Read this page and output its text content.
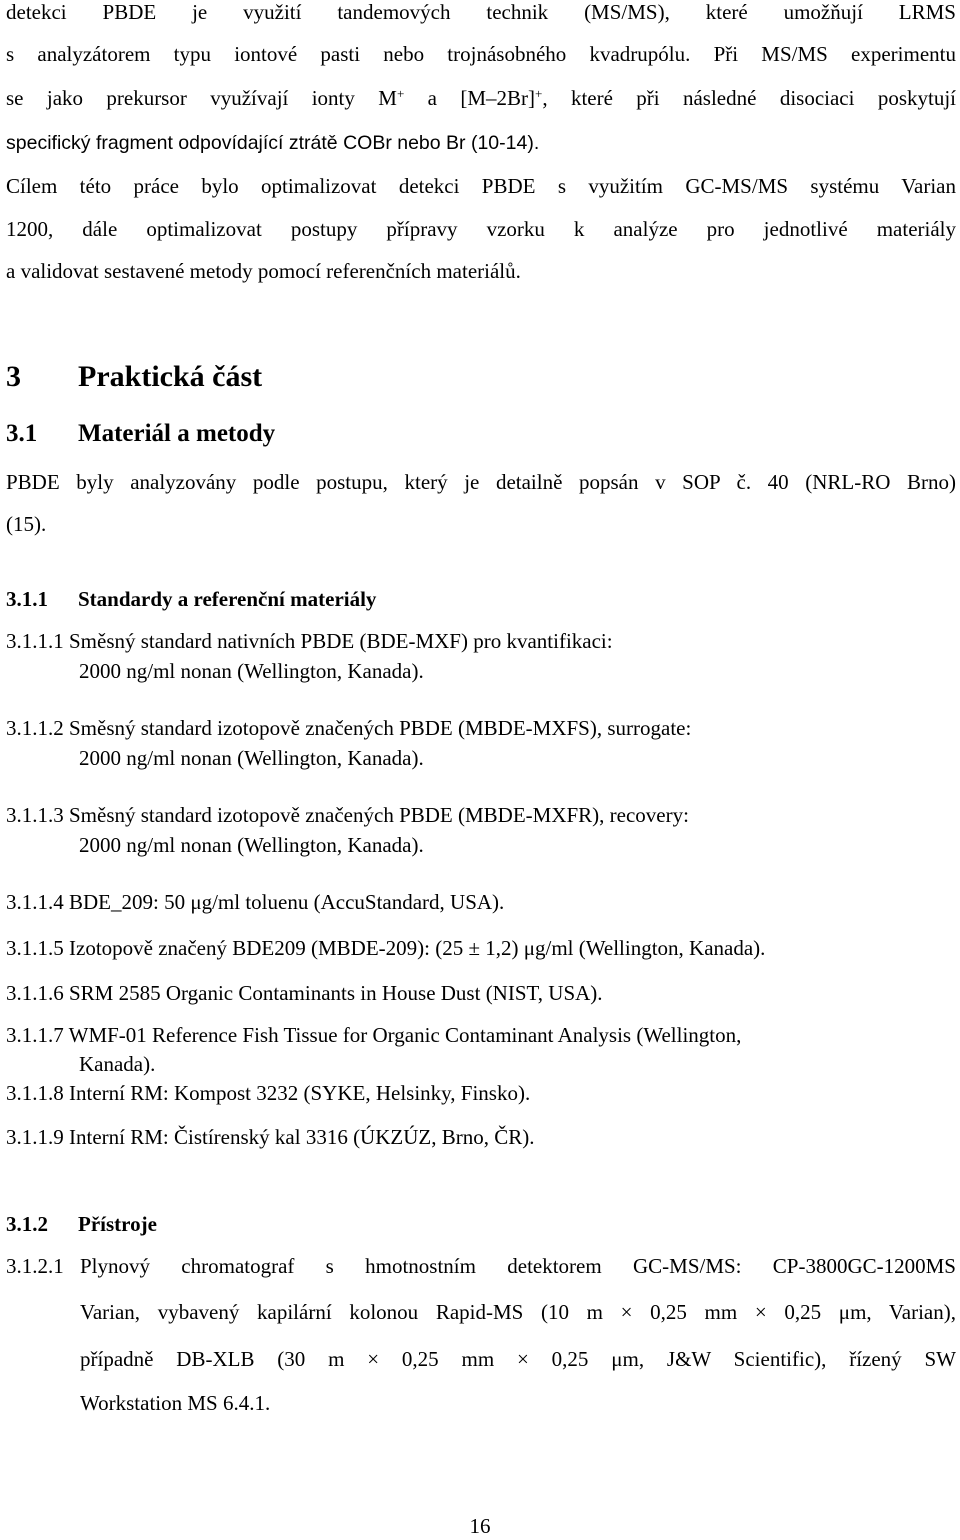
detekci PBDE je využití tandemových technik (MS/MS), které umožňují LRMS
s analyzátorem typu iontové pasti nebo trojnásobného kvadrupólu. Při MS/MS experimentu
se jako prekursor využívají ionty M+ a [M–2Br]+, které při následné disociaci poskytují
specifický fragment odpovídající ztrátě COBr nebo Br (10-14).
Cílem této práce bylo optimalizovat detekci PBDE s využitím GC-MS/MS systému Varian
1200, dále optimalizovat postupy přípravy vzorku k analýze pro jednotlivé materiály
a validovat sestavené metody pomocí referenčních materiálů.
3 Praktická část
3.1 Materiál a metody
PBDE byly analyzovány podle postupu, který je detailně popsán v SOP č. 40 (NRL-RO Brno)
(15).
3.1.1 Standardy a referenční materiály
3.1.1.1 Směsný standard nativních PBDE (BDE-MXF) pro kvantifikaci:
2000 ng/ml nonan (Wellington, Kanada).
3.1.1.2 Směsný standard izotopově značených PBDE (MBDE-MXFS), surrogate:
2000 ng/ml nonan (Wellington, Kanada).
3.1.1.3 Směsný standard izotopově značených PBDE (MBDE-MXFR), recovery:
2000 ng/ml nonan (Wellington, Kanada).
3.1.1.4 BDE_209: 50 μg/ml toluenu (AccuStandard, USA).
3.1.1.5 Izotopově značený BDE209 (MBDE-209): (25 ± 1,2) μg/ml (Wellington, Kanada).
3.1.1.6 SRM 2585 Organic Contaminants in House Dust (NIST, USA).
3.1.1.7 WMF-01 Reference Fish Tissue for Organic Contaminant Analysis (Wellington,
Kanada).
3.1.1.8 Interní RM: Kompost 3232 (SYKE, Helsinky, Finsko).
3.1.1.9 Interní RM: Čistírenský kal 3316 (ÚKZÚZ, Brno, ČR).
3.1.2 Přístroje
3.1.2.1 Plynový chromatograf s hmotnostním detektorem GC-MS/MS: CP-3800GC-1200MS
Varian, vybavený kapilární kolonou Rapid-MS (10 m × 0,25 mm × 0,25 μm, Varian),
případně DB-XLB (30 m × 0,25 mm × 0,25 μm, J&W Scientific), řízený SW
Workstation MS 6.4.1.
16
